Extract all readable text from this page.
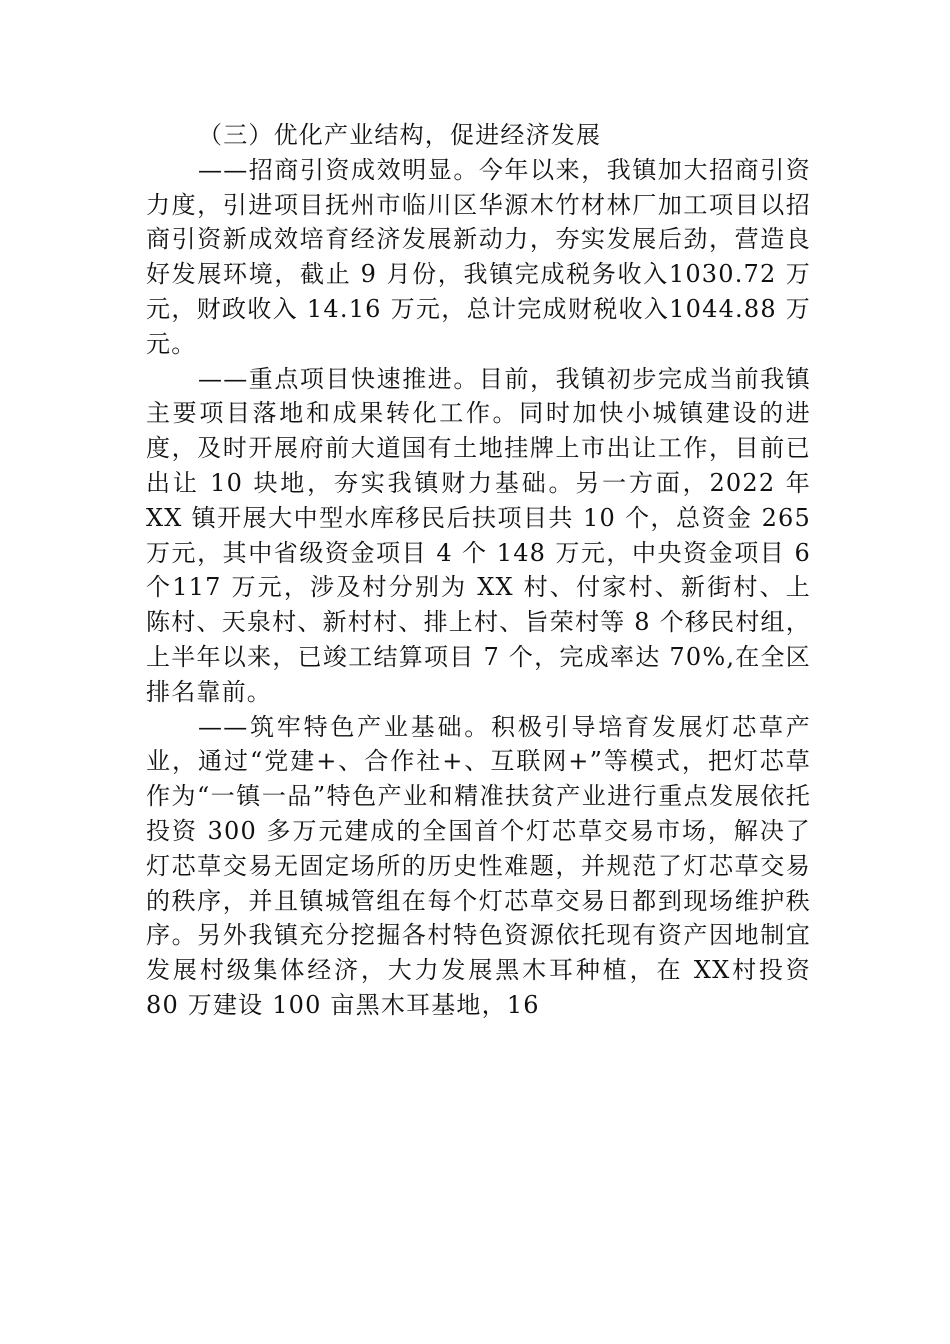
（三）优化产业结构，促进经济发展

——招商引资成效明显。今年以来，我镇加大招商引资力度，引进项目抚州市临川区华源木竹材林厂加工项目以招商引资新成效培育经济发展新动力，夯实发展后劲，营造良好发展环境，截止 9 月份，我镇完成税务收入1030.72 万元，财政收入 14.16 万元，总计完成财税收入1044.88 万元。

——重点项目快速推进。目前，我镇初步完成当前我镇主要项目落地和成果转化工作。同时加快小城镇建设的进度，及时开展府前大道国有土地挂牌上市出让工作，目前已出让 10 块地，夯实我镇财力基础。另一方面，2022 年XX 镇开展大中型水库移民后扶项目共 10 个，总资金 265 万元，其中省级资金项目 4 个 148 万元，中央资金项目 6 个117 万元，涉及村分别为 XX 村、付家村、新街村、上陈村、天泉村、新村村、排上村、旨荣村等 8 个移民村组，上半年以来，已竣工结算项目 7 个，完成率达 70%,在全区排名靠前。

——筑牢特色产业基础。积极引导培育发展灯芯草产业，通过“党建+、合作社+、互联网+”等模式，把灯芯草作为“一镇一品”特色产业和精准扶贫产业进行重点发展依托投资 300 多万元建成的全国首个灯芯草交易市场，解决了灯芯草交易无固定场所的历史性难题，并规范了灯芯草交易的秩序，并且镇城管组在每个灯芯草交易日都到现场维护秩序。另外我镇充分挖掘各村特色资源依托现有资产因地制宜发展村级集体经济，大力发展黑木耳种植，在 XX村投资 80 万建设 100 亩黑木耳基地，16
